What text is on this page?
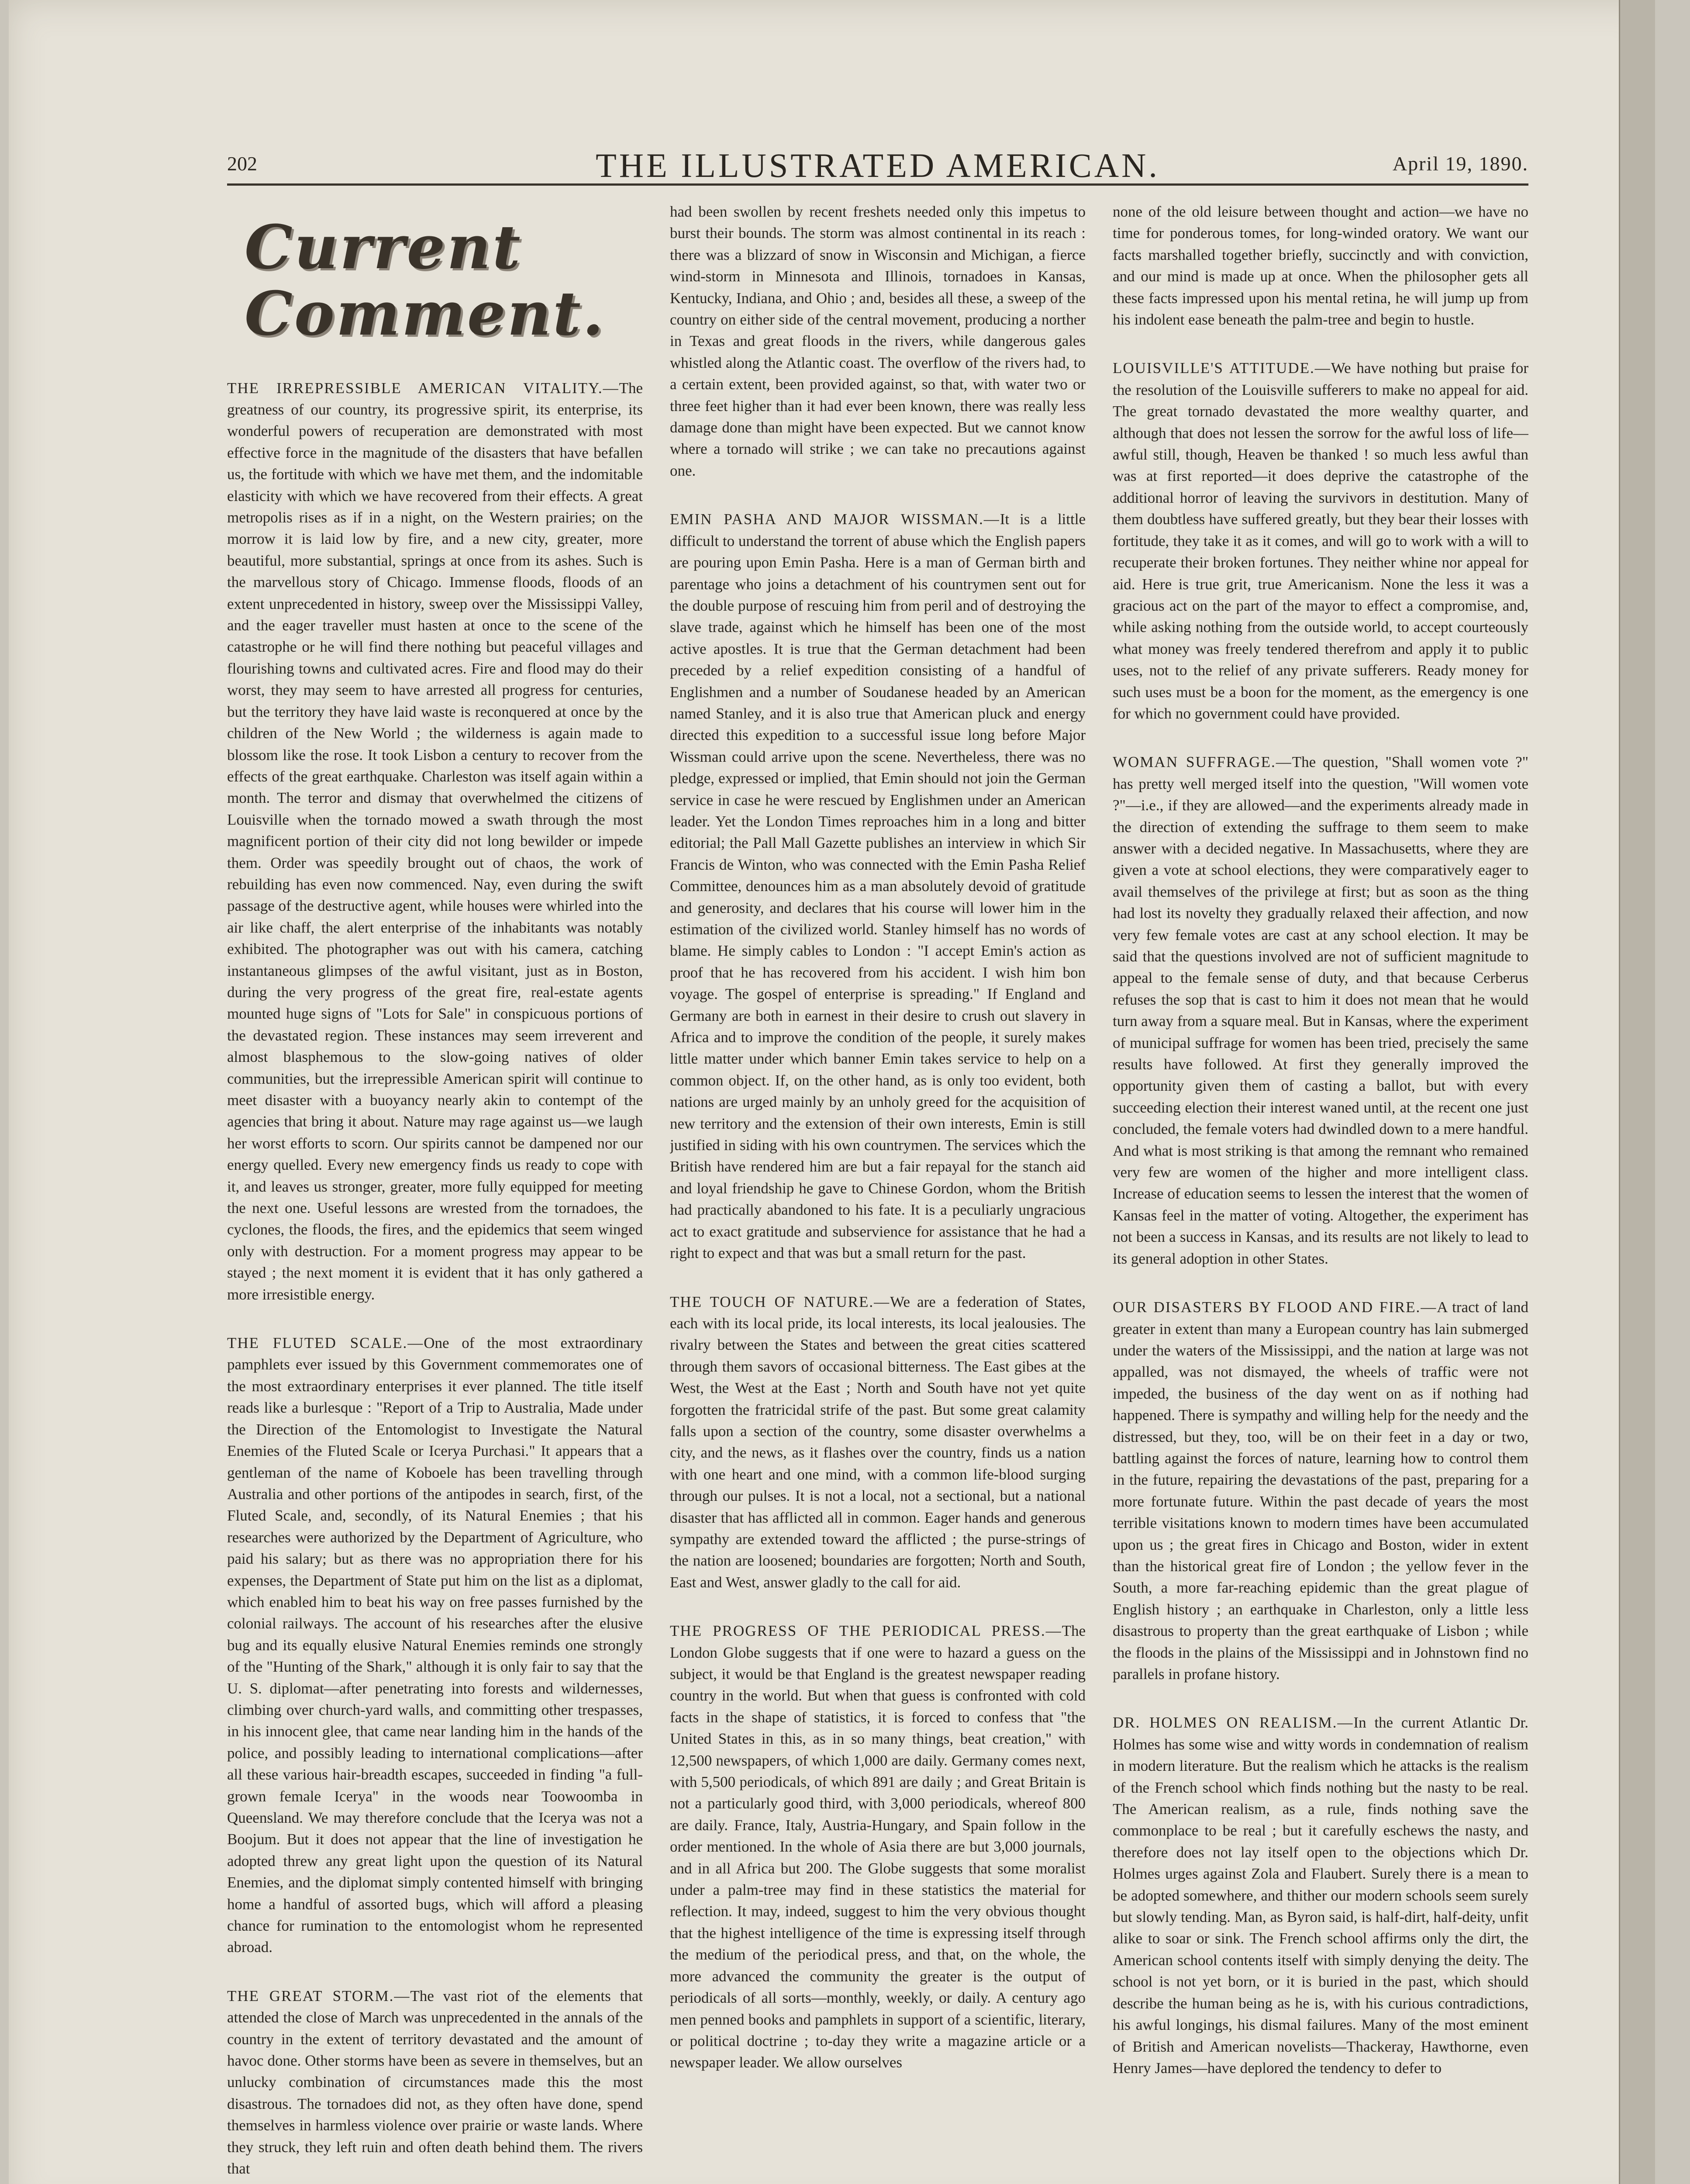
202	THE ILLUSTRATED AMERICAN.	April 19, 1890.
Current Comment.

THE IRREPRESSIBLE AMERICAN VITALITY.—The greatness of our country, its progressive spirit, its enterprise, its wonderful powers of recuperation are demonstrated with most effective force in the magnitude of the disasters that have befallen us, the fortitude with which we have met them, and the indomitable elasticity with which we have recovered from their effects. A great metropolis rises as if in a night, on the Western prairies; on the morrow it is laid low by fire, and a new city, greater, more beautiful, more substantial, springs at once from its ashes. Such is the marvellous story of Chicago. Immense floods, floods of an extent unprecedented in history, sweep over the Mississippi Valley, and the eager traveller must hasten at once to the scene of the catastrophe or he will find there nothing but peaceful villages and flourishing towns and cultivated acres. Fire and flood may do their worst, they may seem to have arrested all progress for centuries, but the territory they have laid waste is reconquered at once by the children of the New World ; the wilderness is again made to blossom like the rose. It took Lisbon a century to recover from the effects of the great earthquake. Charleston was itself again within a month. The terror and dismay that overwhelmed the citizens of Louisville when the tornado mowed a swath through the most magnificent portion of their city did not long bewilder or impede them. Order was speedily brought out of chaos, the work of rebuilding has even now commenced. Nay, even during the swift passage of the destructive agent, while houses were whirled into the air like chaff, the alert enterprise of the inhabitants was notably exhibited. The photographer was out with his camera, catching instantaneous glimpses of the awful visitant, just as in Boston, during the very progress of the great fire, real-estate agents mounted huge signs of "Lots for Sale" in conspicuous portions of the devastated region. These instances may seem irreverent and almost blasphemous to the slow-going natives of older communities, but the irrepressible American spirit will continue to meet disaster with a buoyancy nearly akin to contempt of the agencies that bring it about. Nature may rage against us—we laugh her worst efforts to scorn. Our spirits cannot be dampened nor our energy quelled. Every new emergency finds us ready to cope with it, and leaves us stronger, greater, more fully equipped for meeting the next one. Useful lessons are wrested from the tornadoes, the cyclones, the floods, the fires, and the epidemics that seem winged only with destruction. For a moment progress may appear to be stayed ; the next moment it is evident that it has only gathered a more irresistible energy.

THE FLUTED SCALE.—One of the most extraordinary pamphlets ever issued by this Government commemorates one of the most extraordinary enterprises it ever planned. The title itself reads like a burlesque : "Report of a Trip to Australia, Made under the Direction of the Entomologist to Investigate the Natural Enemies of the Fluted Scale or Icerya Purchasi." It appears that a gentleman of the name of Koboele has been travelling through Australia and other portions of the antipodes in search, first, of the Fluted Scale, and, secondly, of its Natural Enemies ; that his researches were authorized by the Department of Agriculture, who paid his salary; but as there was no appropriation there for his expenses, the Department of State put him on the list as a diplomat, which enabled him to beat his way on free passes furnished by the colonial railways. The account of his researches after the elusive bug and its equally elusive Natural Enemies reminds one strongly of the "Hunting of the Shark," although it is only fair to say that the U. S. diplomat—after penetrating into forests and wildernesses, climbing over church-yard walls, and committing other trespasses, in his innocent glee, that came near landing him in the hands of the police, and possibly leading to international complications—after all these various hair-breadth escapes, succeeded in finding "a full-grown female Icerya" in the woods near Toowoomba in Queensland. We may therefore conclude that the Icerya was not a Boojum. But it does not appear that the line of investigation he adopted threw any great light upon the question of its Natural Enemies, and the diplomat simply contented himself with bringing home a handful of assorted bugs, which will afford a pleasing chance for rumination to the entomologist whom he represented abroad.

THE GREAT STORM.—The vast riot of the elements that attended the close of March was unprecedented in the annals of the country in the extent of territory devastated and the amount of havoc done. Other storms have been as severe in themselves, but an unlucky combination of circumstances made this the most disastrous. The tornadoes did not, as they often have done, spend themselves in harmless violence over prairie or waste lands. Where they struck, they left ruin and often death behind them. The rivers that

had been swollen by recent freshets needed only this impetus to burst their bounds. The storm was almost continental in its reach : there was a blizzard of snow in Wisconsin and Michigan, a fierce wind-storm in Minnesota and Illinois, tornadoes in Kansas, Kentucky, Indiana, and Ohio ; and, besides all these, a sweep of the country on either side of the central movement, producing a norther in Texas and great floods in the rivers, while dangerous gales whistled along the Atlantic coast. The overflow of the rivers had, to a certain extent, been provided against, so that, with water two or three feet higher than it had ever been known, there was really less damage done than might have been expected. But we cannot know where a tornado will strike ; we can take no precautions against one.

EMIN PASHA AND MAJOR WISSMAN.—It is a little difficult to understand the torrent of abuse which the English papers are pouring upon Emin Pasha. Here is a man of German birth and parentage who joins a detachment of his countrymen sent out for the double purpose of rescuing him from peril and of destroying the slave trade, against which he himself has been one of the most active apostles. It is true that the German detachment had been preceded by a relief expedition consisting of a handful of Englishmen and a number of Soudanese headed by an American named Stanley, and it is also true that American pluck and energy directed this expedition to a successful issue long before Major Wissman could arrive upon the scene. Nevertheless, there was no pledge, expressed or implied, that Emin should not join the German service in case he were rescued by Englishmen under an American leader. Yet the London Times reproaches him in a long and bitter editorial; the Pall Mall Gazette publishes an interview in which Sir Francis de Winton, who was connected with the Emin Pasha Relief Committee, denounces him as a man absolutely devoid of gratitude and generosity, and declares that his course will lower him in the estimation of the civilized world. Stanley himself has no words of blame. He simply cables to London : "I accept Emin's action as proof that he has recovered from his accident. I wish him bon voyage. The gospel of enterprise is spreading." If England and Germany are both in earnest in their desire to crush out slavery in Africa and to improve the condition of the people, it surely makes little matter under which banner Emin takes service to help on a common object. If, on the other hand, as is only too evident, both nations are urged mainly by an unholy greed for the acquisition of new territory and the extension of their own interests, Emin is still justified in siding with his own countrymen. The services which the British have rendered him are but a fair repayal for the stanch aid and loyal friendship he gave to Chinese Gordon, whom the British had practically abandoned to his fate. It is a peculiarly ungracious act to exact gratitude and subservience for assistance that he had a right to expect and that was but a small return for the past.

THE TOUCH OF NATURE.—We are a federation of States, each with its local pride, its local interests, its local jealousies. The rivalry between the States and between the great cities scattered through them savors of occasional bitterness. The East gibes at the West, the West at the East ; North and South have not yet quite forgotten the fratricidal strife of the past. But some great calamity falls upon a section of the country, some disaster overwhelms a city, and the news, as it flashes over the country, finds us a nation with one heart and one mind, with a common life-blood surging through our pulses. It is not a local, not a sectional, but a national disaster that has afflicted all in common. Eager hands and generous sympathy are extended toward the afflicted ; the purse-strings of the nation are loosened; boundaries are forgotten; North and South, East and West, answer gladly to the call for aid.

THE PROGRESS OF THE PERIODICAL PRESS.—The London Globe suggests that if one were to hazard a guess on the subject, it would be that England is the greatest newspaper reading country in the world. But when that guess is confronted with cold facts in the shape of statistics, it is forced to confess that "the United States in this, as in so many things, beat creation," with 12,500 newspapers, of which 1,000 are daily. Germany comes next, with 5,500 periodicals, of which 891 are daily ; and Great Britain is not a particularly good third, with 3,000 periodicals, whereof 800 are daily. France, Italy, Austria-Hungary, and Spain follow in the order mentioned. In the whole of Asia there are but 3,000 journals, and in all Africa but 200. The Globe suggests that some moralist under a palm-tree may find in these statistics the material for reflection. It may, indeed, suggest to him the very obvious thought that the highest intelligence of the time is expressing itself through the medium of the periodical press, and that, on the whole, the more advanced the community the greater is the output of periodicals of all sorts—monthly, weekly, or daily. A century ago men penned books and pamphlets in support of a scientific, literary, or political doctrine ; to-day they write a magazine article or a newspaper leader. We allow ourselves

none of the old leisure between thought and action—we have no time for ponderous tomes, for long-winded oratory. We want our facts marshalled together briefly, succinctly and with conviction, and our mind is made up at once. When the philosopher gets all these facts impressed upon his mental retina, he will jump up from his indolent ease beneath the palm-tree and begin to hustle.

LOUISVILLE'S ATTITUDE.—We have nothing but praise for the resolution of the Louisville sufferers to make no appeal for aid. The great tornado devastated the more wealthy quarter, and although that does not lessen the sorrow for the awful loss of life—awful still, though, Heaven be thanked ! so much less awful than was at first reported—it does deprive the catastrophe of the additional horror of leaving the survivors in destitution. Many of them doubtless have suffered greatly, but they bear their losses with fortitude, they take it as it comes, and will go to work with a will to recuperate their broken fortunes. They neither whine nor appeal for aid. Here is true grit, true Americanism. None the less it was a gracious act on the part of the mayor to effect a compromise, and, while asking nothing from the outside world, to accept courteously what money was freely tendered therefrom and apply it to public uses, not to the relief of any private sufferers. Ready money for such uses must be a boon for the moment, as the emergency is one for which no government could have provided.

WOMAN SUFFRAGE.—The question, "Shall women vote ?" has pretty well merged itself into the question, "Will women vote ?"—i.e., if they are allowed—and the experiments already made in the direction of extending the suffrage to them seem to make answer with a decided negative. In Massachusetts, where they are given a vote at school elections, they were comparatively eager to avail themselves of the privilege at first; but as soon as the thing had lost its novelty they gradually relaxed their affection, and now very few female votes are cast at any school election. It may be said that the questions involved are not of sufficient magnitude to appeal to the female sense of duty, and that because Cerberus refuses the sop that is cast to him it does not mean that he would turn away from a square meal. But in Kansas, where the experiment of municipal suffrage for women has been tried, precisely the same results have followed. At first they generally improved the opportunity given them of casting a ballot, but with every succeeding election their interest waned until, at the recent one just concluded, the female voters had dwindled down to a mere handful. And what is most striking is that among the remnant who remained very few are women of the higher and more intelligent class. Increase of education seems to lessen the interest that the women of Kansas feel in the matter of voting. Altogether, the experiment has not been a success in Kansas, and its results are not likely to lead to its general adoption in other States.

OUR DISASTERS BY FLOOD AND FIRE.—A tract of land greater in extent than many a European country has lain submerged under the waters of the Mississippi, and the nation at large was not appalled, was not dismayed, the wheels of traffic were not impeded, the business of the day went on as if nothing had happened. There is sympathy and willing help for the needy and the distressed, but they, too, will be on their feet in a day or two, battling against the forces of nature, learning how to control them in the future, repairing the devastations of the past, preparing for a more fortunate future. Within the past decade of years the most terrible visitations known to modern times have been accumulated upon us ; the great fires in Chicago and Boston, wider in extent than the historical great fire of London ; the yellow fever in the South, a more far-reaching epidemic than the great plague of English history ; an earthquake in Charleston, only a little less disastrous to property than the great earthquake of Lisbon ; while the floods in the plains of the Mississippi and in Johnstown find no parallels in profane history.

DR. HOLMES ON REALISM.—In the current Atlantic Dr. Holmes has some wise and witty words in condemnation of realism in modern literature. But the realism which he attacks is the realism of the French school which finds nothing but the nasty to be real. The American realism, as a rule, finds nothing save the commonplace to be real ; but it carefully eschews the nasty, and therefore does not lay itself open to the objections which Dr. Holmes urges against Zola and Flaubert. Surely there is a mean to be adopted somewhere, and thither our modern schools seem surely but slowly tending. Man, as Byron said, is half-dirt, half-deity, unfit alike to soar or sink. The French school affirms only the dirt, the American school contents itself with simply denying the deity. The school is not yet born, or it is buried in the past, which should describe the human being as he is, with his curious contradictions, his awful longings, his dismal failures. Many of the most eminent of British and American novelists—Thackeray, Hawthorne, even Henry James—have deplored the tendency to defer to
